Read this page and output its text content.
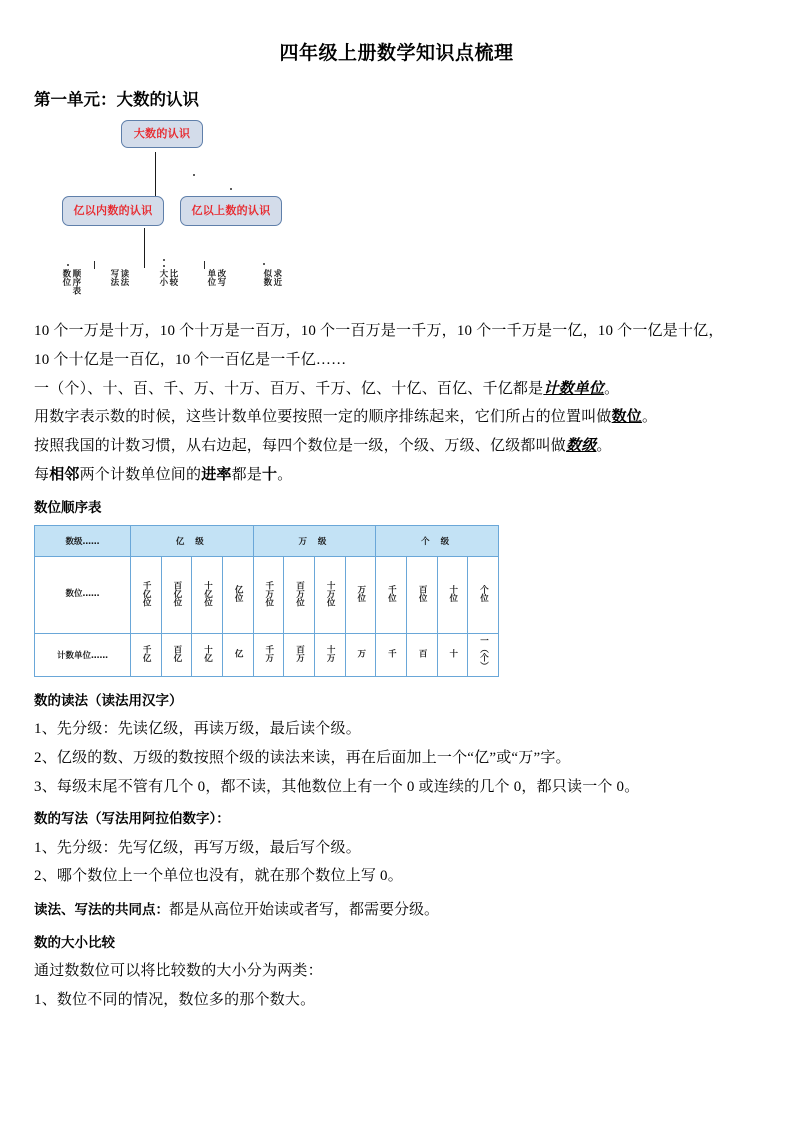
四年级上册数学知识点梳理
第一单元：大数的认识
大数的认识
亿以内数的认识	亿以上数的认识
数位 顺序表	写法 读法	大小 比较	单位 改写	似数 求近

10 个一万是十万，10 个十万是一百万，10 个一百万是一千万，10 个一千万是一亿，10 个一亿是十亿，

10 个十亿是一百亿，10 个一百亿是一千亿……

一（个）、十、百、千、万、十万、百万、千万、亿、十亿、百亿、千亿都是计数单位。

用数字表示数的时候，这些计数单位要按照一定的顺序排练起来，它们所占的位置叫做数位。

按照我国的计数习惯，从右边起，每四个数位是一级，个级、万级、亿级都叫做数级。

每相邻两个计数单位间的进率都是十。

数位顺序表
数级……	亿 级				万 级				个 级			

数位……	千亿位	百亿位	十亿位	亿位	千万位	百万位	十万位	万位	千位	百位	十位	个位
计数单位……	千亿	百亿	十亿	亿	千万	百万	十万	万	千	百	十	一（个）
数的读法（读法用汉字）

1、先分级：先读亿级，再读万级，最后读个级。

2、亿级的数、万级的数按照个级的读法来读，再在后面加上一个“亿”或“万”字。

3、每级末尾不管有几个 0，都不读，其他数位上有一个 0 或连续的几个 0，都只读一个 0。

数的写法（写法用阿拉伯数字）：

1、先分级：先写亿级，再写万级，最后写个级。

2、哪个数位上一个单位也没有，就在那个数位上写 0。

读法、写法的共同点：都是从高位开始读或者写，都需要分级。
数的大小比较

通过数数位可以将比较数的大小分为两类：

1、数位不同的情况，数位多的那个数大。
